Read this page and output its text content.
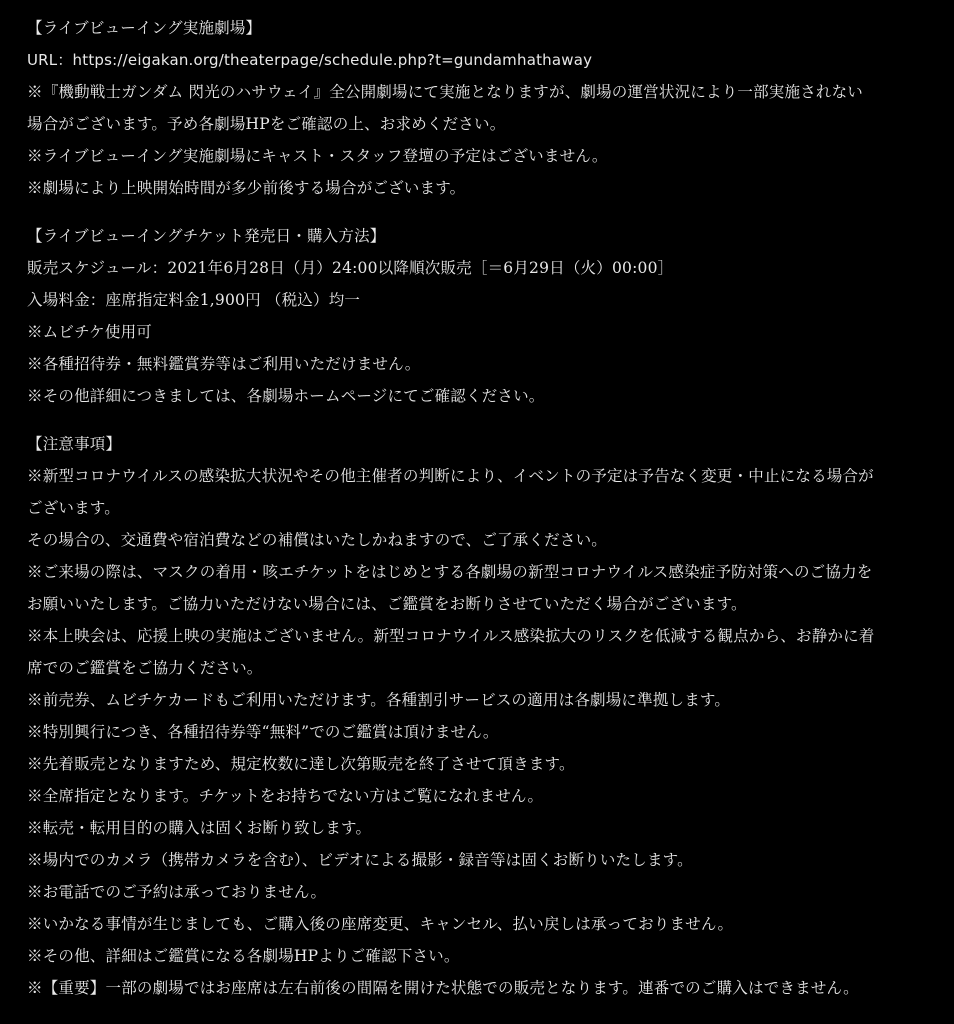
【ライブビューイング実施劇場】
URL：https://eigakan.org/theaterpage/schedule.php?t=gundamhathaway
※『機動戦士ガンダム 閃光のハサウェイ』全公開劇場にて実施となりますが、劇場の運営状況により一部実施されない
場合がございます。予め各劇場HPをご確認の上、お求めください。
※ライブビューイング実施劇場にキャスト・スタッフ登壇の予定はございません。
※劇場により上映開始時間が多少前後する場合がございます。
【ライブビューイングチケット発売日・購入方法】
販売スケジュール：2021年6月28日（月）24:00以降順次販売［＝6月29日（火）00:00］
入場料金：座席指定料金1,900円 （税込）均一
※ムビチケ使用可
※各種招待券・無料鑑賞券等はご利用いただけません。
※その他詳細につきましては、各劇場ホームページにてご確認ください。
【注意事項】
※新型コロナウイルスの感染拡大状況やその他主催者の判断により、イベントの予定は予告なく変更・中止になる場合が
ございます。
その場合の、交通費や宿泊費などの補償はいたしかねますので、ご了承ください。
※ご来場の際は、マスクの着用・咳エチケットをはじめとする各劇場の新型コロナウイルス感染症予防対策へのご協力を
お願いいたします。ご協力いただけない場合には、ご鑑賞をお断りさせていただく場合がございます。
※本上映会は、応援上映の実施はございません。新型コロナウイルス感染拡大のリスクを低減する観点から、お静かに着
席でのご鑑賞をご協力ください。
※前売券、ムビチケカードもご利用いただけます。各種割引サービスの適用は各劇場に準拠します。
※特別興行につき、各種招待券等“無料”でのご鑑賞は頂けません。
※先着販売となりますため、規定枚数に達し次第販売を終了させて頂きます。
※全席指定となります。チケットをお持ちでない方はご覧になれません。
※転売・転用目的の購入は固くお断り致します。
※場内でのカメラ（携帯カメラを含む）、ビデオによる撮影・録音等は固くお断りいたします。
※お電話でのご予約は承っておりません。
※いかなる事情が生じましても、ご購入後の座席変更、キャンセル、払い戻しは承っておりません。
※その他、詳細はご鑑賞になる各劇場HPよりご確認下さい。
※【重要】一部の劇場ではお座席は左右前後の間隔を開けた状態での販売となります。連番でのご購入はできません。
